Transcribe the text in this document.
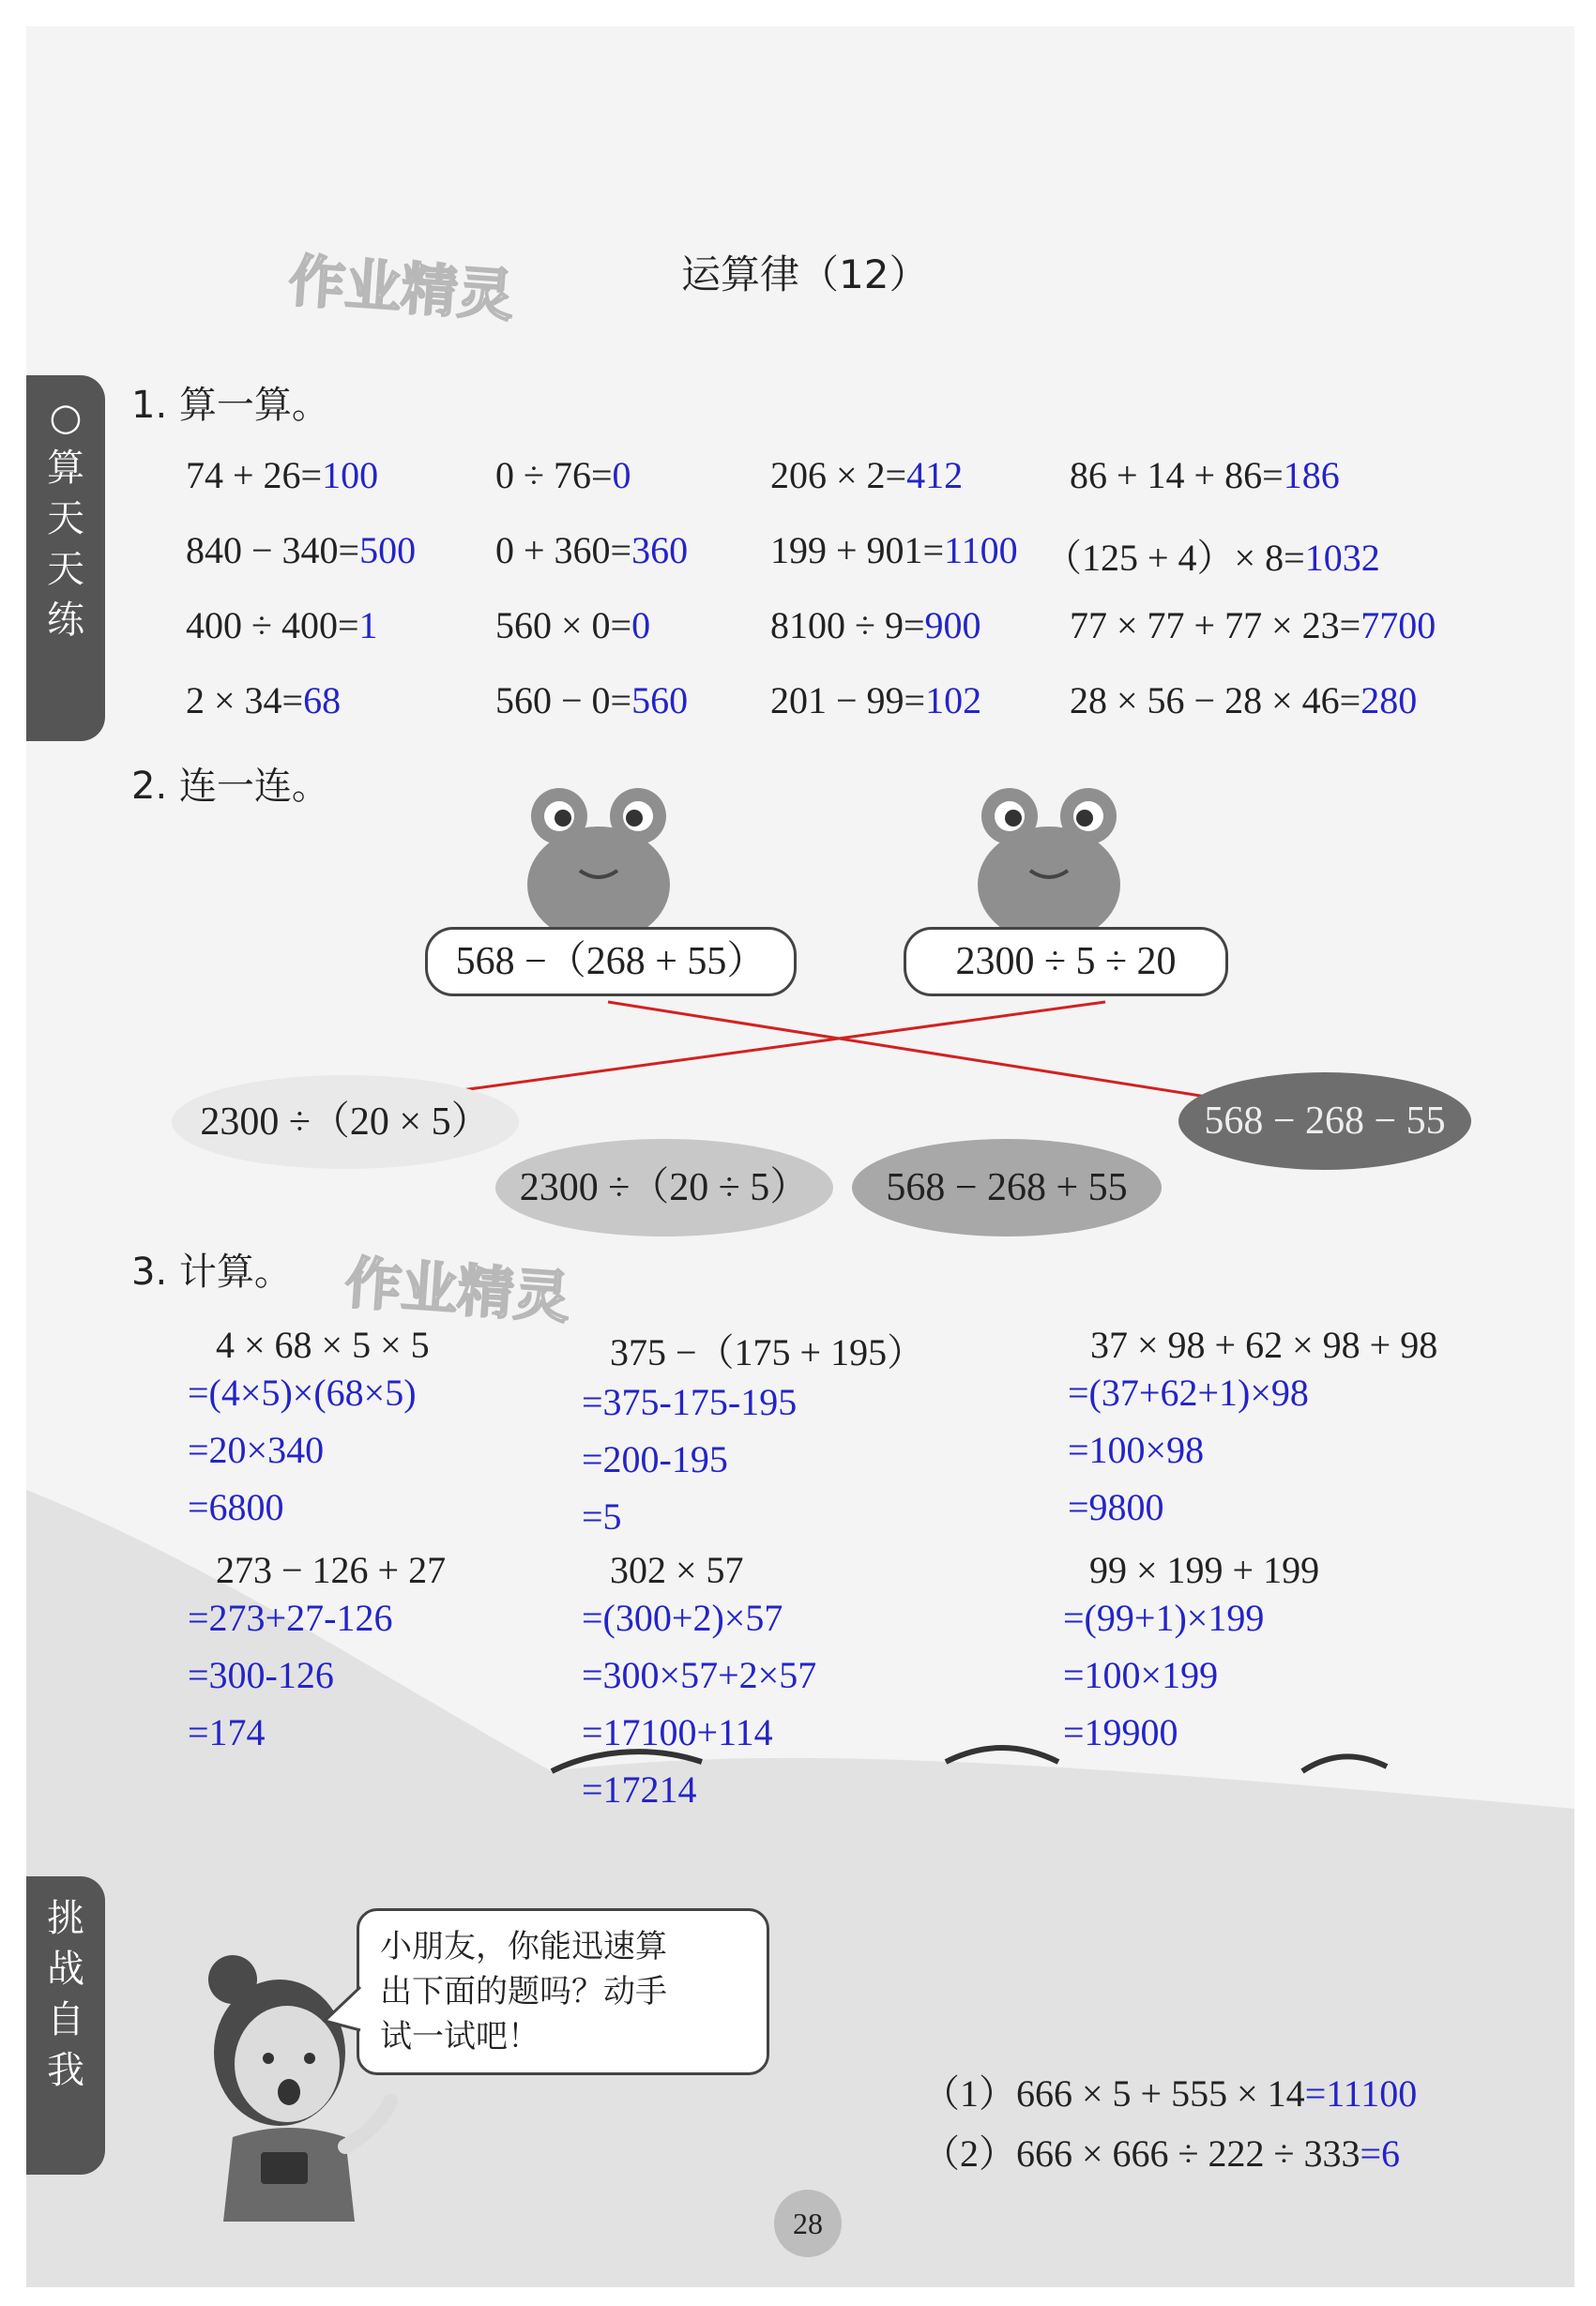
作业精灵	运算律（12）
○
算
天
天
练
1. 算一算。
74 + 26=100	0 ÷ 76=0	206 × 2=412	86 + 14 + 86=186
840 − 340=500 0 + 360=360 199 + 901=1100 （125 + 4）× 8=1032
400 ÷ 400=1	560 × 0=0	8100 ÷ 9=900 77 × 77 + 77 × 23=7700
2 × 34=68	560 − 0=560 201 − 99=102 28 × 56 − 28 × 46=280
2. 连一连。
568 −（268 + 55）	2300 ÷ 5 ÷ 20
2300 ÷（20 × 5）	568 − 268 − 55
2300 ÷（20 ÷ 5）	568 − 268 + 55
3. 计算。 作业精灵
4 × 68 × 5 × 5
=(4×5)×(68×5)
=20×340
=6800
375 −（175 + 195）
=375-175-195
=200-195
=5
37 × 98 + 62 × 98 + 98
=(37+62+1)×98
=100×98
=9800
273 − 126 + 27
=273+27-126
=300-126
=174
302 × 57
=(300+2)×57
=300×57+2×57
=17100+114
=17214
99 × 199 + 199
=(99+1)×199
=100×199
=19900
挑
战
自
我
小朋友，你能迅速算
出下面的题吗？动手
试一试吧！
（1）666 × 5 + 555 × 14=11100
（2）666 × 666 ÷ 222 ÷ 333=6
28
